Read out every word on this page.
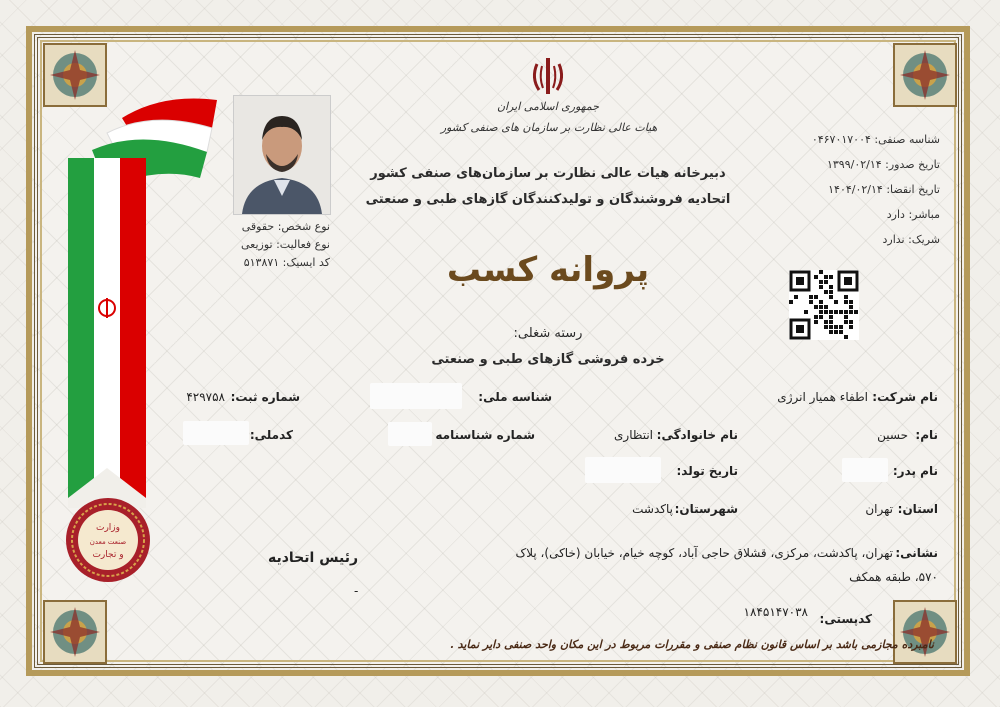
وزارت
صنعت معدن
و تجارت
جمهوری اسلامی ایران
هیات عالی نظارت بر سازمان های صنفی کشور
دبیرخانه هیات عالی نظارت بر سازمان‌های صنفی کشور
اتحادیه فروشندگان و تولیدکنندگان گازهای طبی و صنعتی
پروانه کسب
رسته شغلی:
خرده فروشی گازهای طبی و صنعتی
شناسه صنفی: ۰۴۶۷۰۱۷۰۰۴
تاریخ صدور: ۱۳۹۹/۰۲/۱۴
تاریخ انقضا: ۱۴۰۴/۰۲/۱۴
مباشر: دارد
شریک: ندارد
نوع شخص: حقوقی
نوع فعالیت: توزیعی
کد ایسیک: ۵۱۳۸۷۱
نام شرکت:
اطفاء همیار انرژی
شناسه ملی:
شماره ثبت:
۴۲۹۷۵۸
نام:
حسین
نام خانوادگی:
انتظاری
شماره شناسنامه
کدملی:
نام پدر:
تاریخ تولد:
استان:
تهران
شهرستان:
پاکدشت
نشانی:
تهران، پاکدشت، مرکزی، قشلاق حاجی آباد، کوچه خیام، خیابان (خاکی)، پلاک
۵۷۰، طبقه همکف
کدپستی:
۱۸۴۵۱۴۷۰۳۸
رئیس اتحادیه
-
نامبرده مجازمی باشد بر اساس قانون نظام صنفی و مقررات مربوط در این مکان واحد صنفی دایر نماید .
